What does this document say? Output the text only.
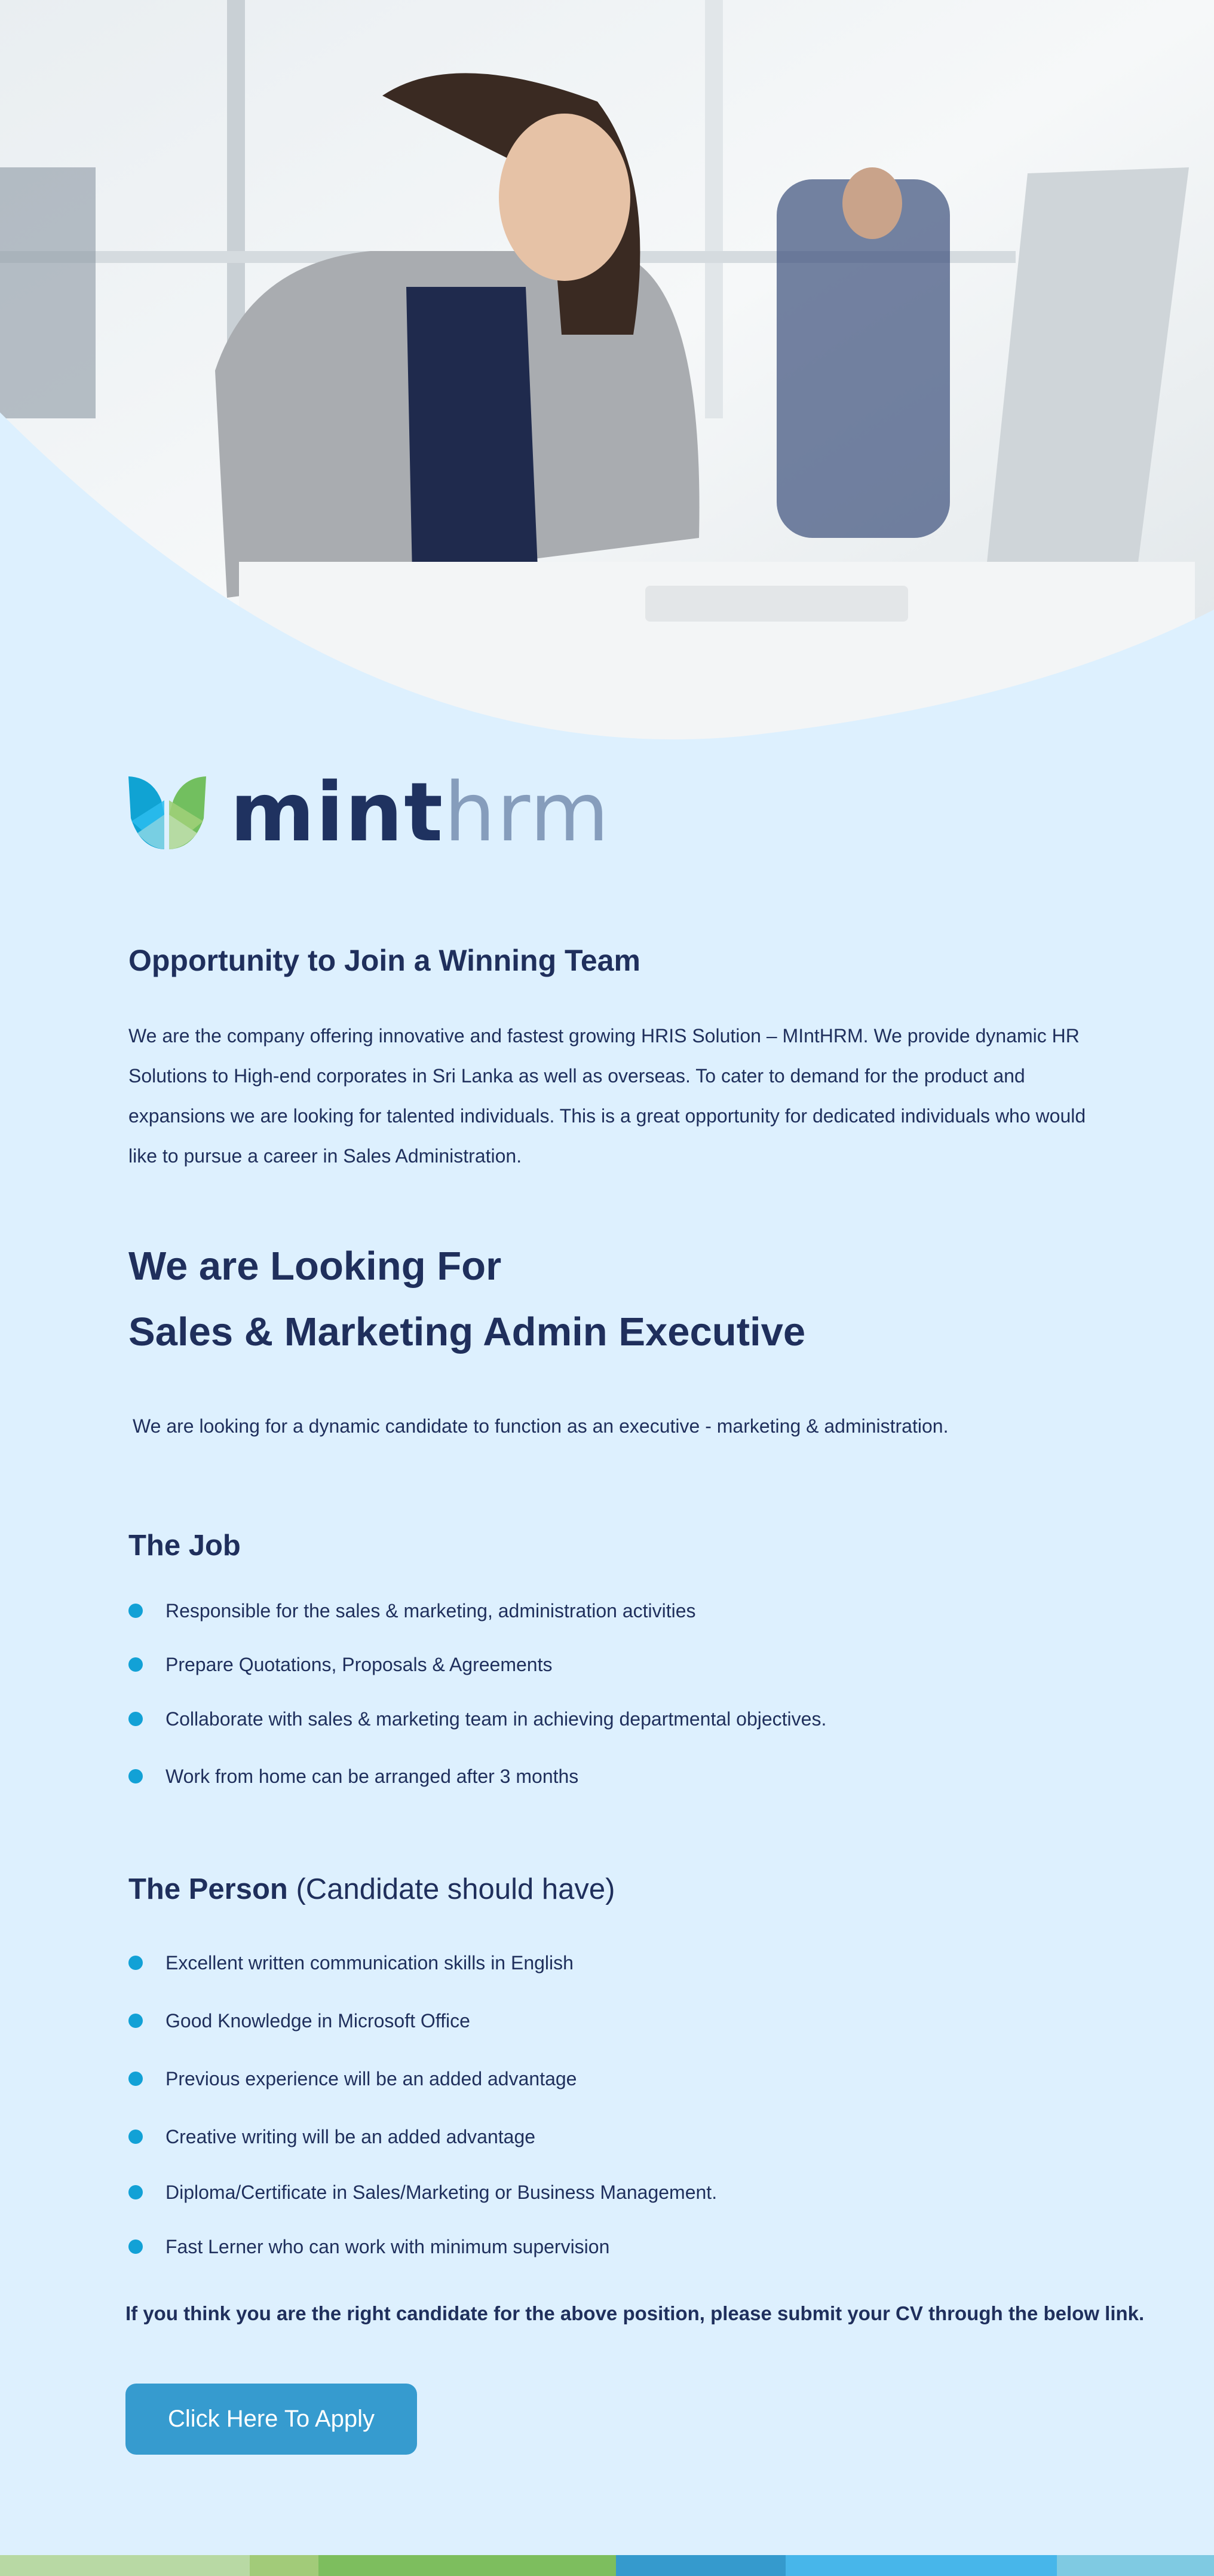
minthrm
Opportunity to Join a Winning Team

We are the company offering innovative and fastest growing HRIS Solution – MIntHRM. We provide dynamic HR Solutions to High-end corporates in Sri Lanka as well as overseas. To cater to demand for the product and expansions we are looking for talented individuals. This is a great opportunity for dedicated individuals who would like to pursue a career in Sales Administration.

We are Looking For
Sales & Marketing Admin Executive
We are looking for a dynamic candidate to function as an executive - marketing & administration.
The Job
Responsible for the sales & marketing, administration activities
Prepare Quotations, Proposals & Agreements
Collaborate with sales & marketing team in achieving departmental objectives.
Work from home can be arranged after 3 months
The Person (Candidate should have)
Excellent written communication skills in English
Good Knowledge in Microsoft Office
Previous experience will be an added advantage
Creative writing will be an added advantage
Diploma/Certificate in Sales/Marketing or Business Management.
Fast Lerner who can work with minimum supervision
If you think you are the right candidate for the above position, please submit your CV through the below link.
Click Here To Apply
